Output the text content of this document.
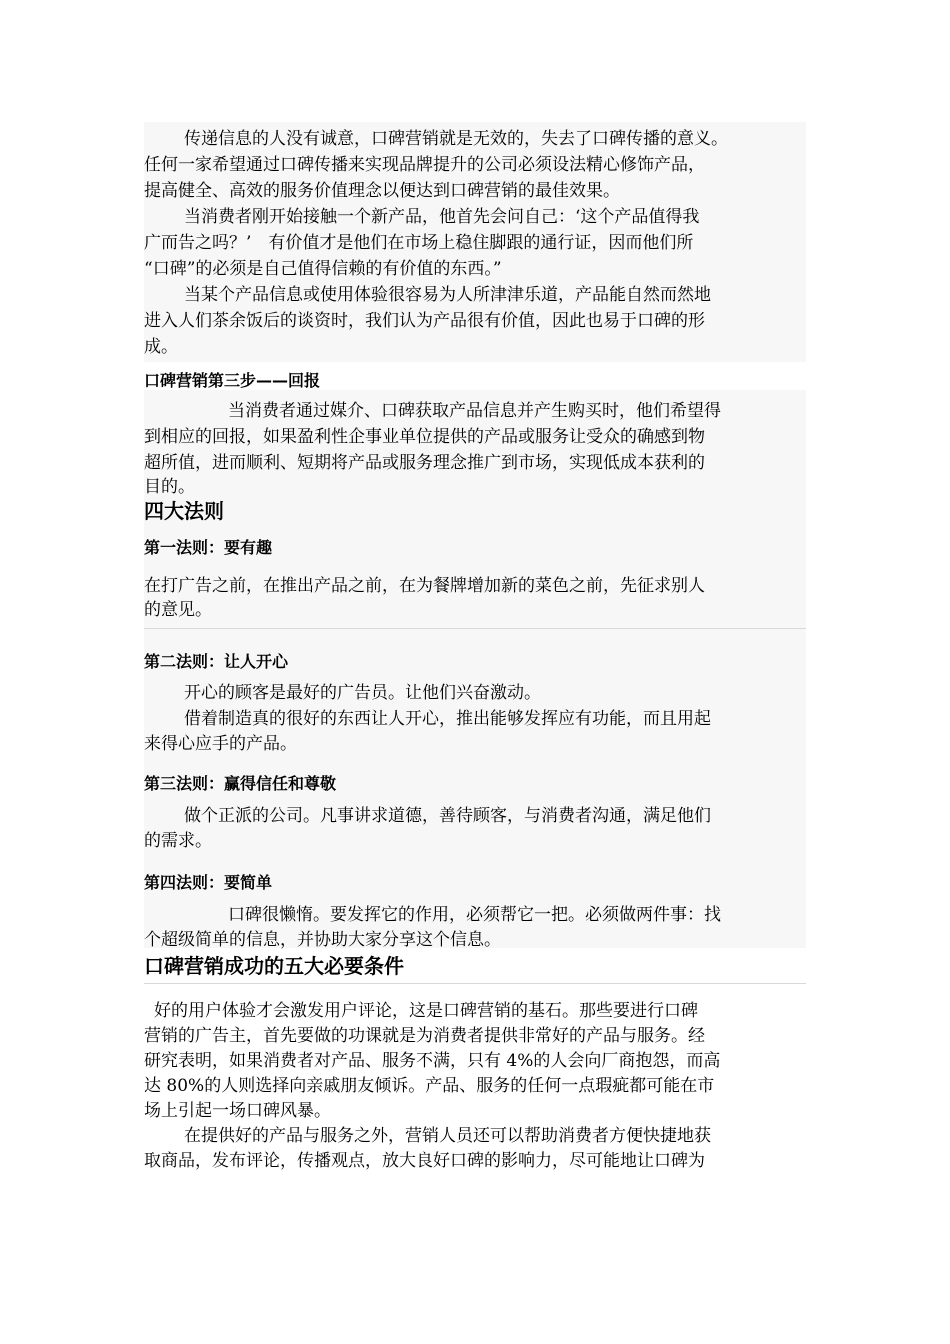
传递信息的人没有诚意，口碑营销就是无效的，失去了口碑传播的意义。
任何一家希望通过口碑传播来实现品牌提升的公司必须设法精心修饰产品，
提高健全、高效的服务价值理念以便达到口碑营销的最佳效果。
当消费者刚开始接触一个新产品，他首先会问自己：‘这个产品值得我
广而告之吗？’　有价值才是他们在市场上稳住脚跟的通行证，因而他们所
“口碑”的必须是自己值得信赖的有价值的东西。”
当某个产品信息或使用体验很容易为人所津津乐道，产品能自然而然地
进入人们茶余饭后的谈资时，我们认为产品很有价值，因此也易于口碑的形
成。
口碑营销第三步——回报
当消费者通过媒介、口碑获取产品信息并产生购买时，他们希望得
到相应的回报，如果盈利性企事业单位提供的产品或服务让受众的确感到物
超所值，进而顺利、短期将产品或服务理念推广到市场，实现低成本获利的
目的。
四大法则
第一法则：要有趣
在打广告之前，在推出产品之前，在为餐牌增加新的菜色之前，先征求别人
的意见。
第二法则：让人开心
开心的顾客是最好的广告员。让他们兴奋激动。
借着制造真的很好的东西让人开心，推出能够发挥应有功能，而且用起
来得心应手的产品。
第三法则：赢得信任和尊敬
做个正派的公司。凡事讲求道德，善待顾客，与消费者沟通，满足他们
的需求。
第四法则：要简单
口碑很懒惰。要发挥它的作用，必须帮它一把。必须做两件事：找
个超级简单的信息，并协助大家分享这个信息。
口碑营销成功的五大必要条件
好的用户体验才会激发用户评论，这是口碑营销的基石。那些要进行口碑
营销的广告主，首先要做的功课就是为消费者提供非常好的产品与服务。经
研究表明，如果消费者对产品、服务不满，只有 4%的人会向厂商抱怨，而高
达 80%的人则选择向亲戚朋友倾诉。产品、服务的任何一点瑕疵都可能在市
场上引起一场口碑风暴。
在提供好的产品与服务之外，营销人员还可以帮助消费者方便快捷地获
取商品，发布评论，传播观点，放大良好口碑的影响力，尽可能地让口碑为
